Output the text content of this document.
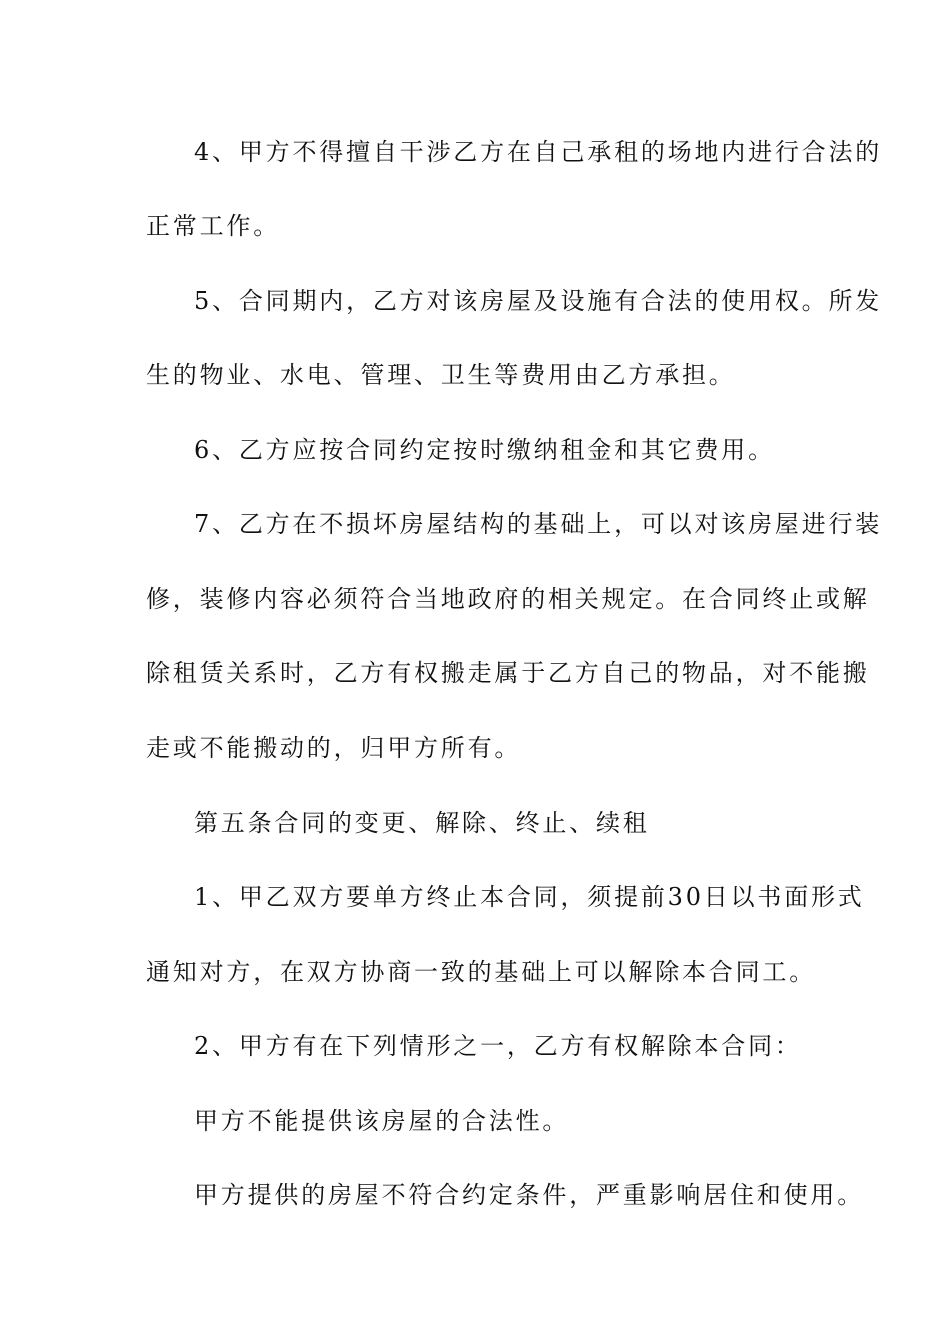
4、甲方不得擅自干涉乙方在自己承租的场地内进行合法的
正常工作。
5、合同期内，乙方对该房屋及设施有合法的使用权。所发
生的物业、水电、管理、卫生等费用由乙方承担。
6、乙方应按合同约定按时缴纳租金和其它费用。
7、乙方在不损坏房屋结构的基础上，可以对该房屋进行装
修，装修内容必须符合当地政府的相关规定。在合同终止或解
除租赁关系时，乙方有权搬走属于乙方自己的物品，对不能搬
走或不能搬动的，归甲方所有。
第五条合同的变更、解除、终止、续租
1、甲乙双方要单方终止本合同，须提前30日以书面形式
通知对方，在双方协商一致的基础上可以解除本合同工。
2、甲方有在下列情形之一，乙方有权解除本合同：
甲方不能提供该房屋的合法性。
甲方提供的房屋不符合约定条件，严重影响居住和使用。
